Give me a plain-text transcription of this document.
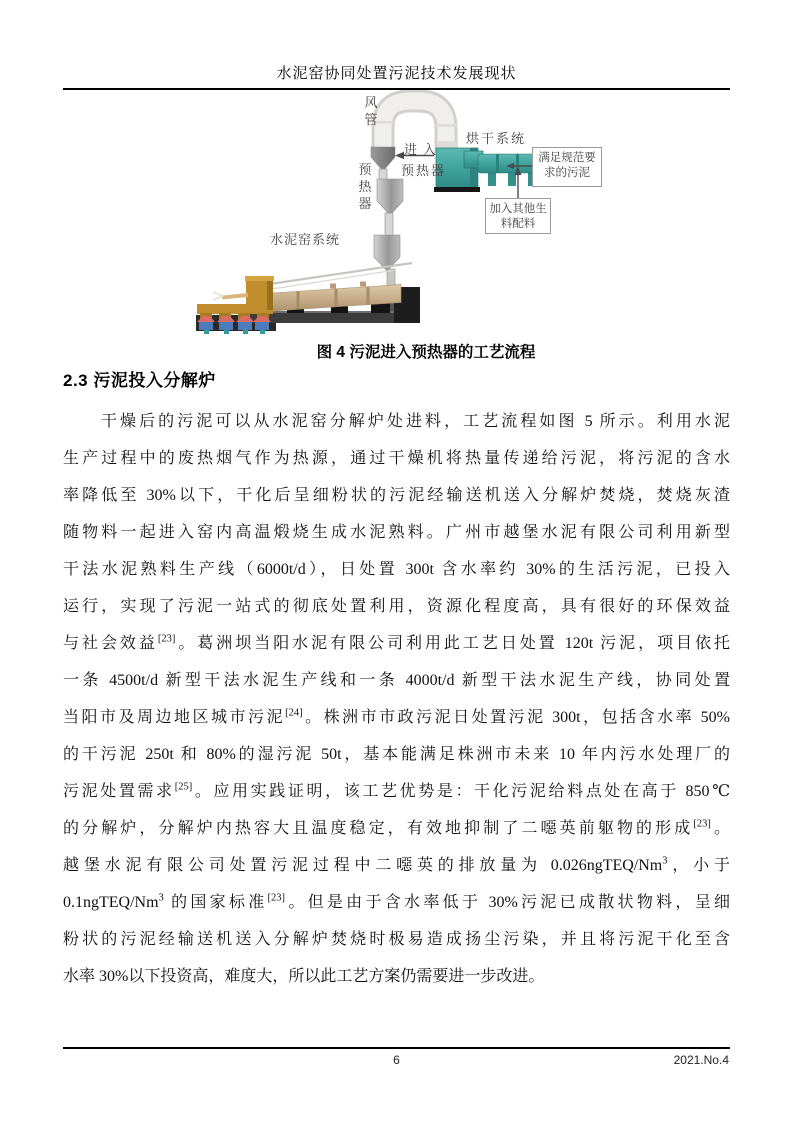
水泥窑协同处置污泥技术发展现状
风管
烘干系统
进入
预热器
预热器
水泥窑系统
满足规范要求的污泥
加入其他生料配料
图 4 污泥进入预热器的工艺流程
2.3 污泥投入分解炉
干燥后的污泥可以从水泥窑分解炉处进料，工艺流程如图 5 所示。利用水泥
生产过程中的废热烟气作为热源，通过干燥机将热量传递给污泥，将污泥的含水
率降低至 30%以下，干化后呈细粉状的污泥经输送机送入分解炉焚烧，焚烧灰渣
随物料一起进入窑内高温煅烧生成水泥熟料。广州市越堡水泥有限公司利用新型
干法水泥熟料生产线（6000t/d），日处置 300t 含水率约 30%的生活污泥，已投入
运行，实现了污泥一站式的彻底处置利用，资源化程度高，具有很好的环保效益
与社会效益[23]。葛洲坝当阳水泥有限公司利用此工艺日处置 120t 污泥，项目依托
一条 4500t/d 新型干法水泥生产线和一条 4000t/d 新型干法水泥生产线，协同处置
当阳市及周边地区城市污泥[24]。株洲市市政污泥日处置污泥 300t，包括含水率 50%
的干污泥 250t 和 80%的湿污泥 50t，基本能满足株洲市未来 10 年内污水处理厂的
污泥处置需求[25]。应用实践证明，该工艺优势是：干化污泥给料点处在高于 850℃
的分解炉，分解炉内热容大且温度稳定，有效地抑制了二噁英前躯物的形成[23]。
越堡水泥有限公司处置污泥过程中二噁英的排放量为 0.026ngTEQ/Nm$^3$，小于
0.1ngTEQ/Nm$^3$ 的国家标准[23]。但是由于含水率低于 30%污泥已成散状物料，呈细
粉状的污泥经输送机送入分解炉焚烧时极易造成扬尘污染，并且将污泥干化至含
水率 30%以下投资高，难度大，所以此工艺方案仍需要进一步改进。
6	2021.No.4
